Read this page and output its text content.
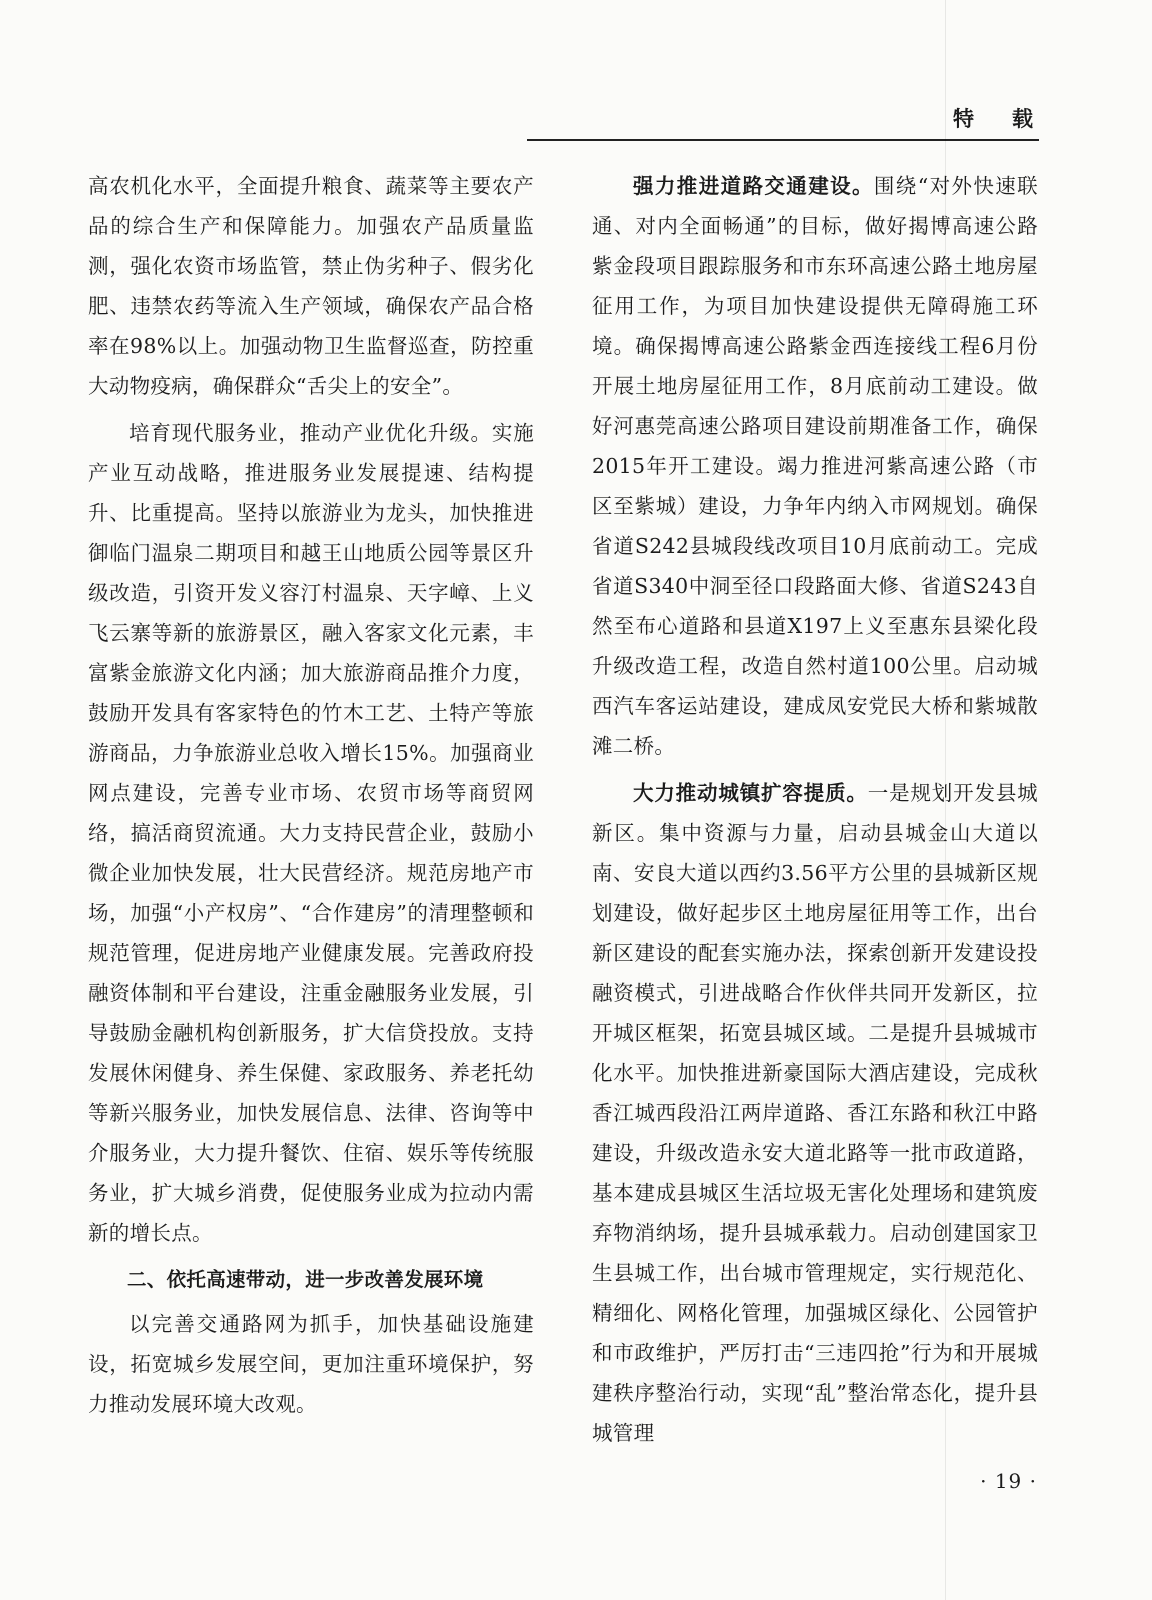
特 载

高农机化水平，全面提升粮食、蔬菜等主要农产品的综合生产和保障能力。加强农产品质量监测，强化农资市场监管，禁止伪劣种子、假劣化肥、违禁农药等流入生产领域，确保农产品合格率在98%以上。加强动物卫生监督巡查，防控重大动物疫病，确保群众“舌尖上的安全”。

培育现代服务业，推动产业优化升级。实施产业互动战略，推进服务业发展提速、结构提升、比重提高。坚持以旅游业为龙头，加快推进御临门温泉二期项目和越王山地质公园等景区升级改造，引资开发义容汀村温泉、天字嶂、上义飞云寨等新的旅游景区，融入客家文化元素，丰富紫金旅游文化内涵；加大旅游商品推介力度，鼓励开发具有客家特色的竹木工艺、土特产等旅游商品，力争旅游业总收入增长15%。加强商业网点建设，完善专业市场、农贸市场等商贸网络，搞活商贸流通。大力支持民营企业，鼓励小微企业加快发展，壮大民营经济。规范房地产市场，加强“小产权房”、“合作建房”的清理整顿和规范管理，促进房地产业健康发展。完善政府投融资体制和平台建设，注重金融服务业发展，引导鼓励金融机构创新服务，扩大信贷投放。支持发展休闲健身、养生保健、家政服务、养老托幼等新兴服务业，加快发展信息、法律、咨询等中介服务业，大力提升餐饮、住宿、娱乐等传统服务业，扩大城乡消费，促使服务业成为拉动内需新的增长点。

二、依托高速带动，进一步改善发展环境

以完善交通路网为抓手，加快基础设施建设，拓宽城乡发展空间，更加注重环境保护，努力推动发展环境大改观。

强力推进道路交通建设。围绕“对外快速联通、对内全面畅通”的目标，做好揭博高速公路紫金段项目跟踪服务和市东环高速公路土地房屋征用工作，为项目加快建设提供无障碍施工环境。确保揭博高速公路紫金西连接线工程6月份开展土地房屋征用工作，8月底前动工建设。做好河惠莞高速公路项目建设前期准备工作，确保2015年开工建设。竭力推进河紫高速公路（市区至紫城）建设，力争年内纳入市网规划。确保省道S242县城段线改项目10月底前动工。完成省道S340中洞至径口段路面大修、省道S243自然至布心道路和县道X197上义至惠东县梁化段升级改造工程，改造自然村道100公里。启动城西汽车客运站建设，建成凤安党民大桥和紫城散滩二桥。

大力推动城镇扩容提质。一是规划开发县城新区。集中资源与力量，启动县城金山大道以南、安良大道以西约3.56平方公里的县城新区规划建设，做好起步区土地房屋征用等工作，出台新区建设的配套实施办法，探索创新开发建设投融资模式，引进战略合作伙伴共同开发新区，拉开城区框架，拓宽县城区域。二是提升县城城市化水平。加快推进新豪国际大酒店建设，完成秋香江城西段沿江两岸道路、香江东路和秋江中路建设，升级改造永安大道北路等一批市政道路，基本建成县城区生活垃圾无害化处理场和建筑废弃物消纳场，提升县城承载力。启动创建国家卫生县城工作，出台城市管理规定，实行规范化、精细化、网格化管理，加强城区绿化、公园管护和市政维护，严厉打击“三违四抢”行为和开展城建秩序整治行动，实现“乱”整治常态化，提升县城管理

· 19 ·
